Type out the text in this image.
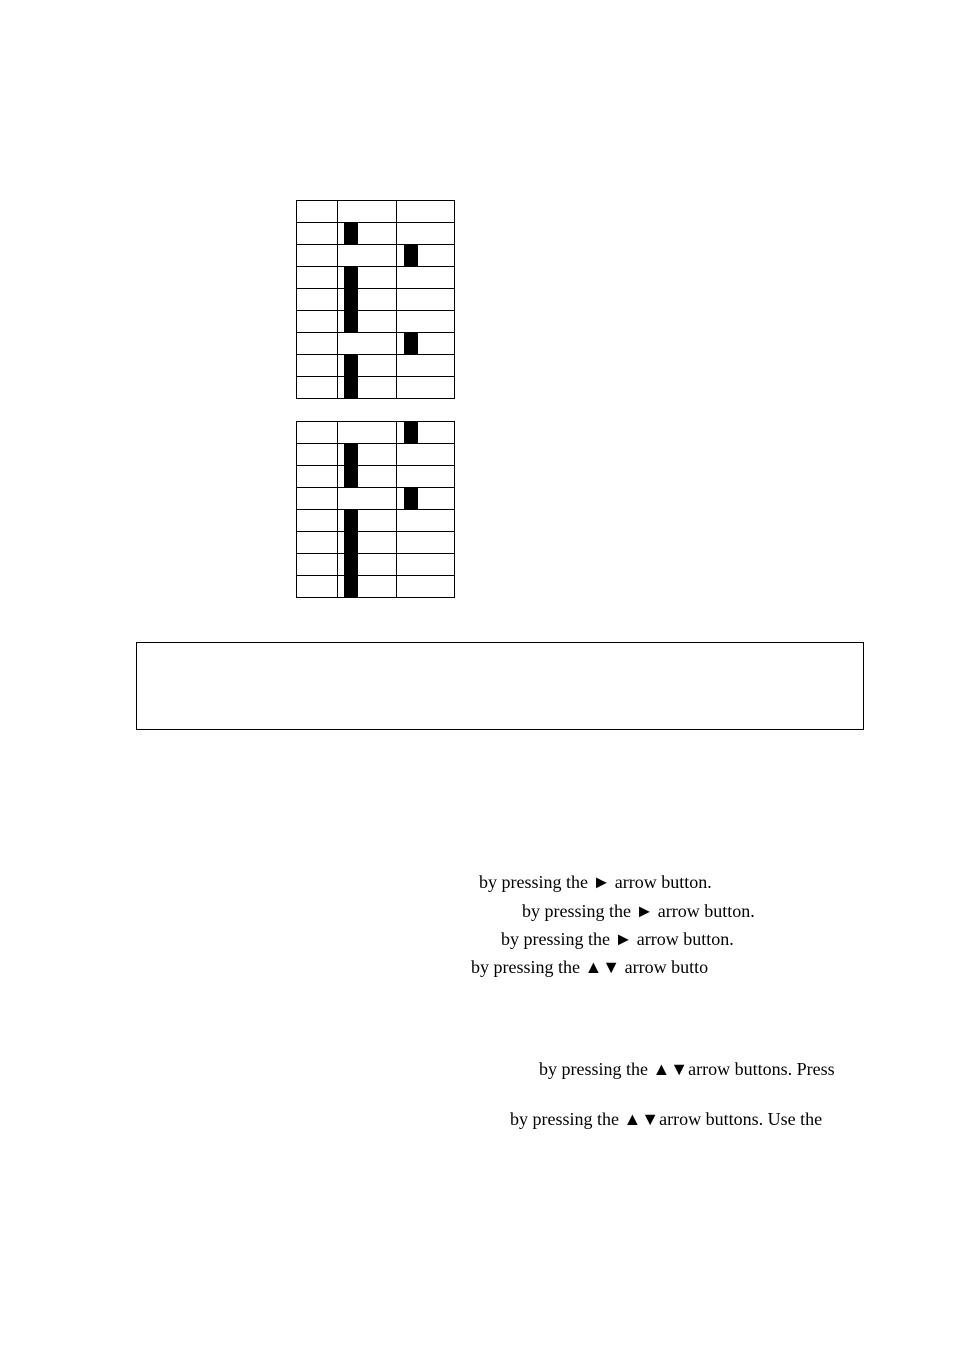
by pressing the ► arrow button.
by pressing the ► arrow button.
by pressing the ► arrow button.
by pressing the ▲▼ arrow butto
by pressing the ▲▼arrow buttons. Press
by pressing the ▲▼arrow buttons. Use the
